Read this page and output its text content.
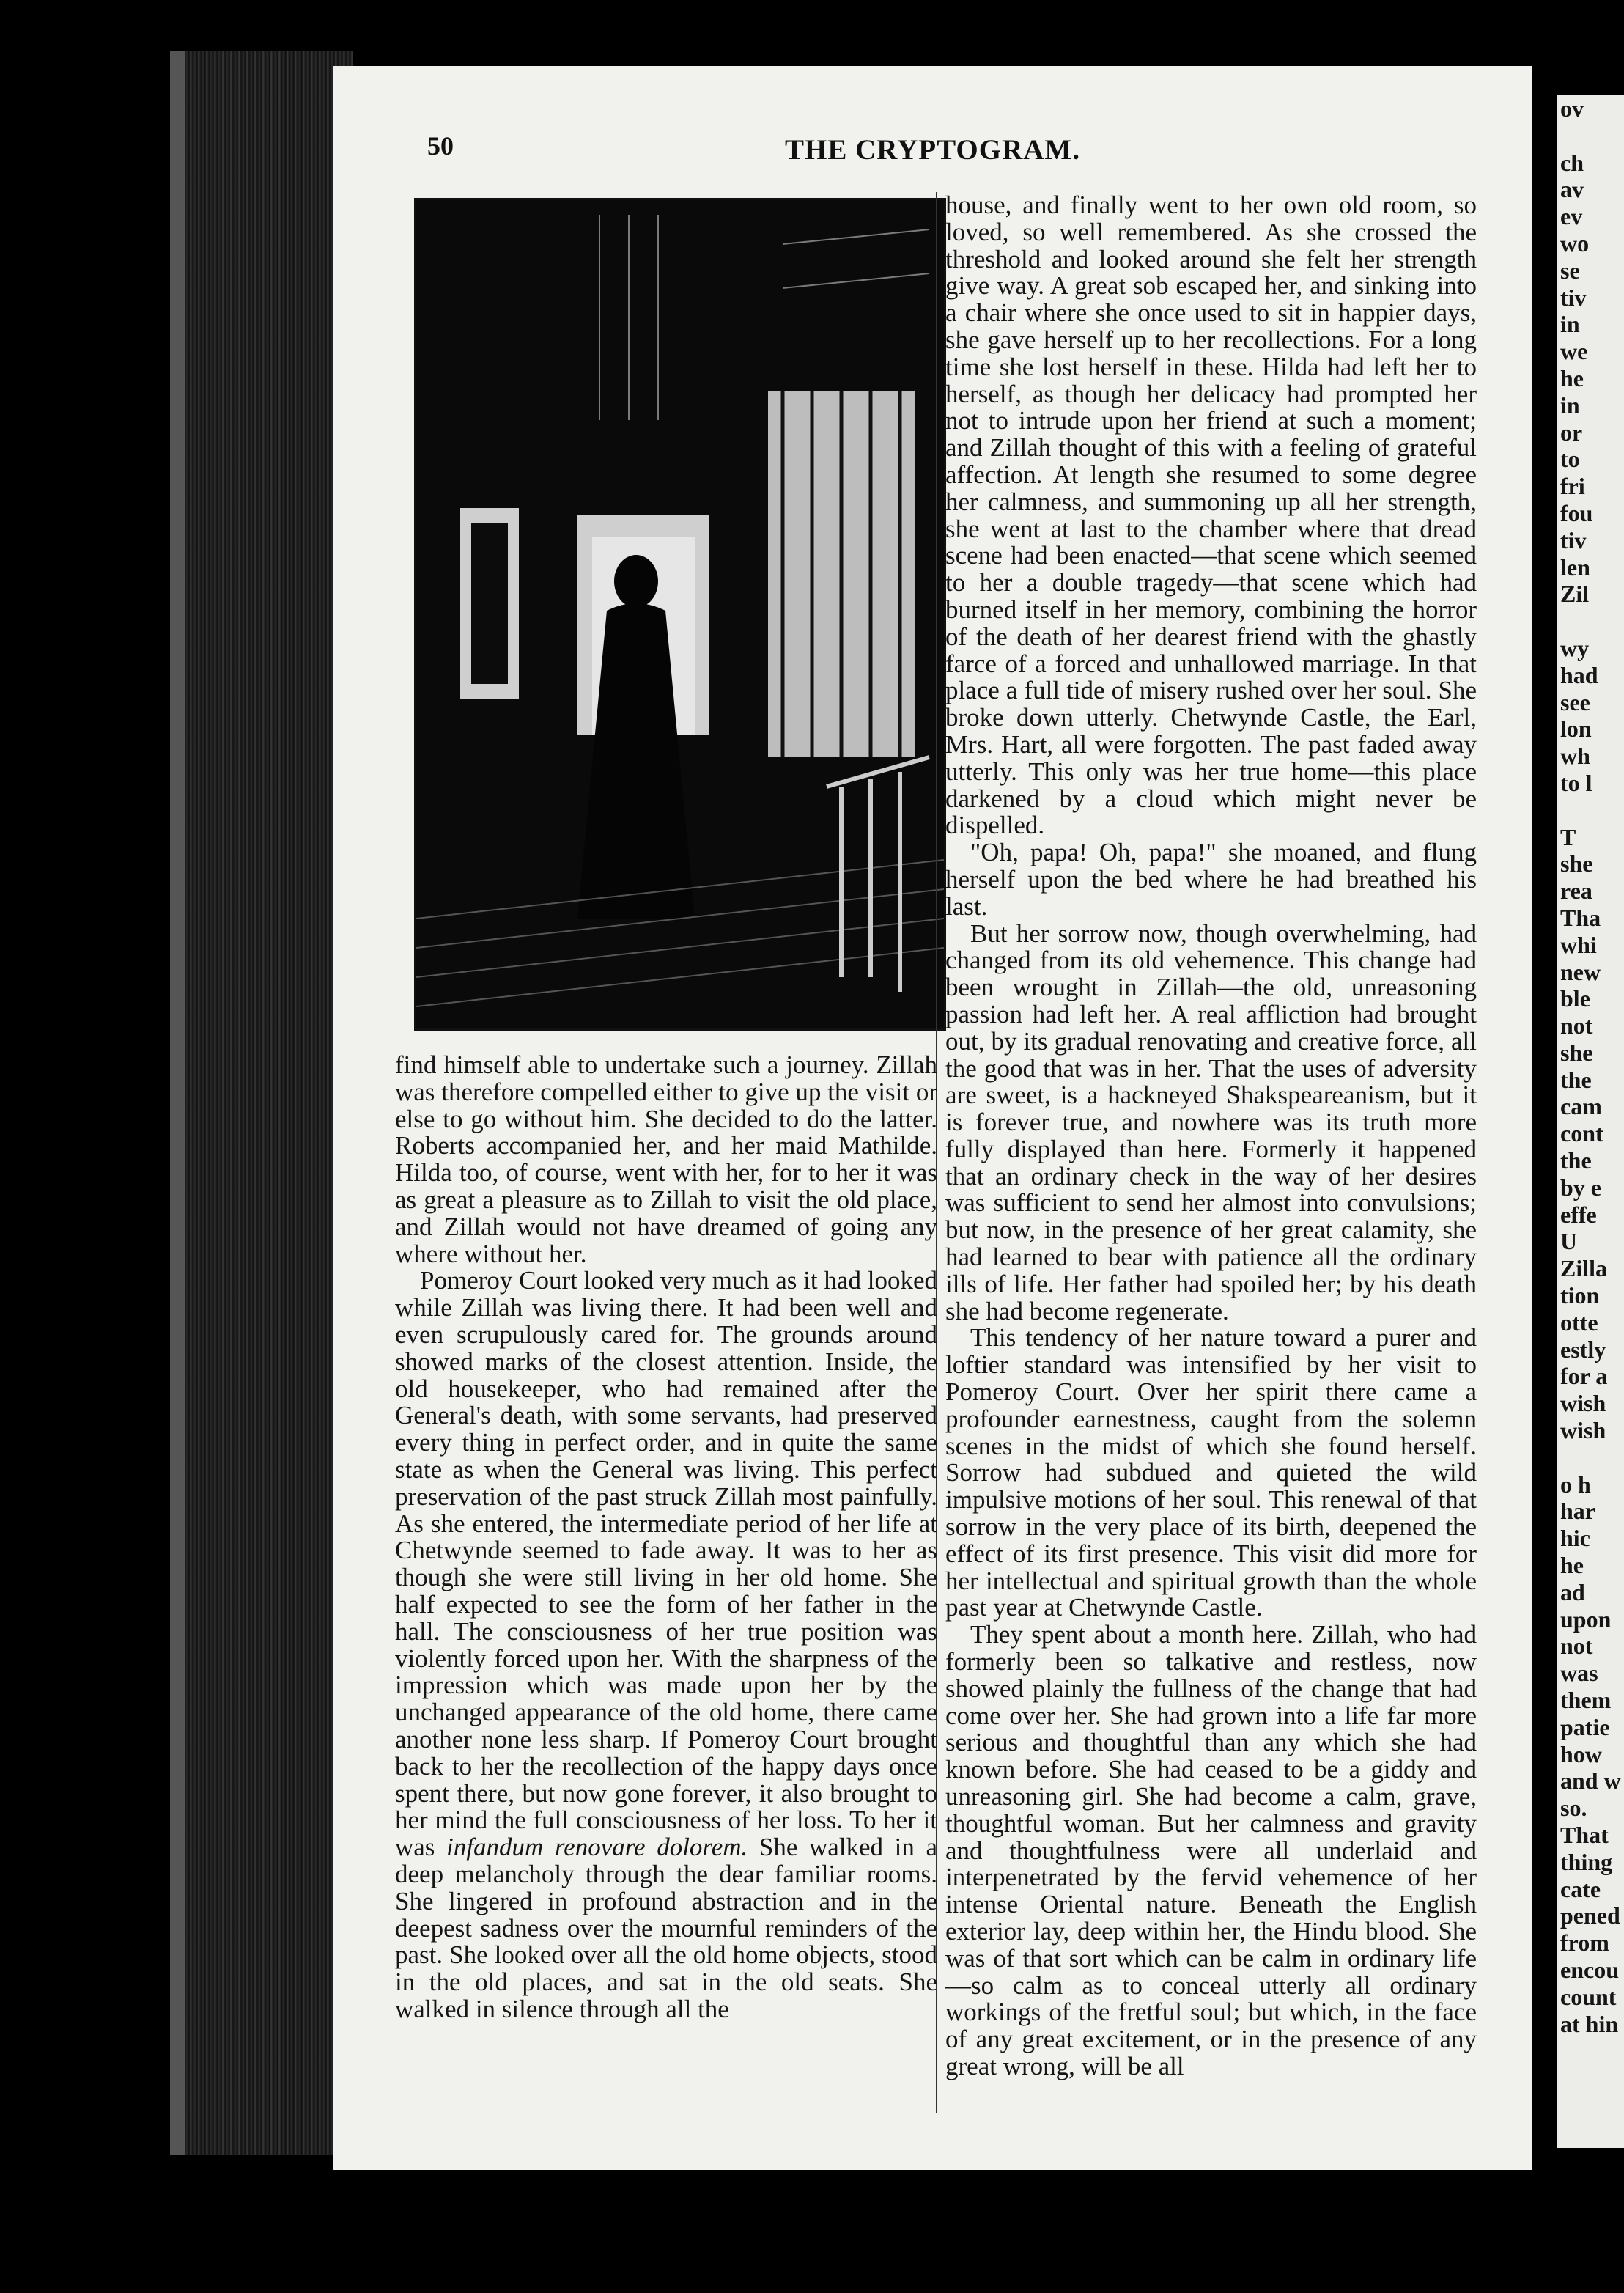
50	THE CRYPTOGRAM.

find himself able to undertake such a journey. Zillah was therefore compelled either to give up the visit or else to go without him. She decided to do the latter. Roberts accompanied her, and her maid Mathilde. Hilda too, of course, went with her, for to her it was as great a pleasure as to Zillah to visit the old place, and Zillah would not have dreamed of going any where without her.

Pomeroy Court looked very much as it had looked while Zillah was living there. It had been well and even scrupulously cared for. The grounds around showed marks of the closest attention. Inside, the old housekeeper, who had remained after the General's death, with some servants, had preserved every thing in perfect order, and in quite the same state as when the General was living. This perfect preservation of the past struck Zillah most painfully. As she entered, the intermediate period of her life at Chetwynde seemed to fade away. It was to her as though she were still living in her old home. She half expected to see the form of her father in the hall. The consciousness of her true position was violently forced upon her. With the sharpness of the impression which was made upon her by the unchanged appearance of the old home, there came another none less sharp. If Pomeroy Court brought back to her the recollection of the happy days once spent there, but now gone forever, it also brought to her mind the full consciousness of her loss. To her it was infandum renovare dolorem. She walked in a deep melancholy through the dear familiar rooms. She lingered in profound abstraction and in the deepest sadness over the mournful reminders of the past. She looked over all the old home objects, stood in the old places, and sat in the old seats. She walked in silence through all the

house, and finally went to her own old room, so loved, so well remembered. As she crossed the threshold and looked around she felt her strength give way. A great sob escaped her, and sinking into a chair where she once used to sit in happier days, she gave herself up to her recollections. For a long time she lost herself in these. Hilda had left her to herself, as though her delicacy had prompted her not to intrude upon her friend at such a moment; and Zillah thought of this with a feeling of grateful affection. At length she resumed to some degree her calmness, and summoning up all her strength, she went at last to the chamber where that dread scene had been enacted—that scene which seemed to her a double tragedy—that scene which had burned itself in her memory, combining the horror of the death of her dearest friend with the ghastly farce of a forced and unhallowed marriage. In that place a full tide of misery rushed over her soul. She broke down utterly. Chetwynde Castle, the Earl, Mrs. Hart, all were forgotten. The past faded away utterly. This only was her true home—this place darkened by a cloud which might never be dispelled.

"Oh, papa! Oh, papa!" she moaned, and flung herself upon the bed where he had breathed his last.

But her sorrow now, though overwhelming, had changed from its old vehemence. This change had been wrought in Zillah—the old, unreasoning passion had left her. A real affliction had brought out, by its gradual renovating and creative force, all the good that was in her. That the uses of adversity are sweet, is a hackneyed Shakspeareanism, but it is forever true, and nowhere was its truth more fully displayed than here. Formerly it happened that an ordinary check in the way of her desires was sufficient to send her almost into convulsions; but now, in the presence of her great calamity, she had learned to bear with patience all the ordinary ills of life. Her father had spoiled her; by his death she had become regenerate.

This tendency of her nature toward a purer and loftier standard was intensified by her visit to Pomeroy Court. Over her spirit there came a profounder earnestness, caught from the solemn scenes in the midst of which she found herself. Sorrow had subdued and quieted the wild impulsive motions of her soul. This renewal of that sorrow in the very place of its birth, deepened the effect of its first presence. This visit did more for her intellectual and spiritual growth than the whole past year at Chetwynde Castle.

They spent about a month here. Zillah, who had formerly been so talkative and restless, now showed plainly the fullness of the change that had come over her. She had grown into a life far more serious and thoughtful than any which she had known before. She had ceased to be a giddy and unreasoning girl. She had become a calm, grave, thoughtful woman. But her calmness and gravity and thoughtfulness were all underlaid and interpenetrated by the fervid vehemence of her intense Oriental nature. Beneath the English exterior lay, deep within her, the Hindu blood. She was of that sort which can be calm in ordinary life—so calm as to conceal utterly all ordinary workings of the fretful soul; but which, in the face of any great excitement, or in the presence of any great wrong, will be all

ov

ch
av
ev
wo
se
tiv
in
we
he
in
or
to
fri
fou
tiv
len
Zil

wy
had
see
lon
wh
to l

T
she
rea
Tha
whi
new
ble
not
she
the
cam
cont
the
by e
effe
U
Zilla
tion
otte
estly
for a
wish
wish

o h
har
hic
he
ad
upon
not
was
them
patie
how
and w
so.
That
thing
cate
pened
from
encou
count
at hin
